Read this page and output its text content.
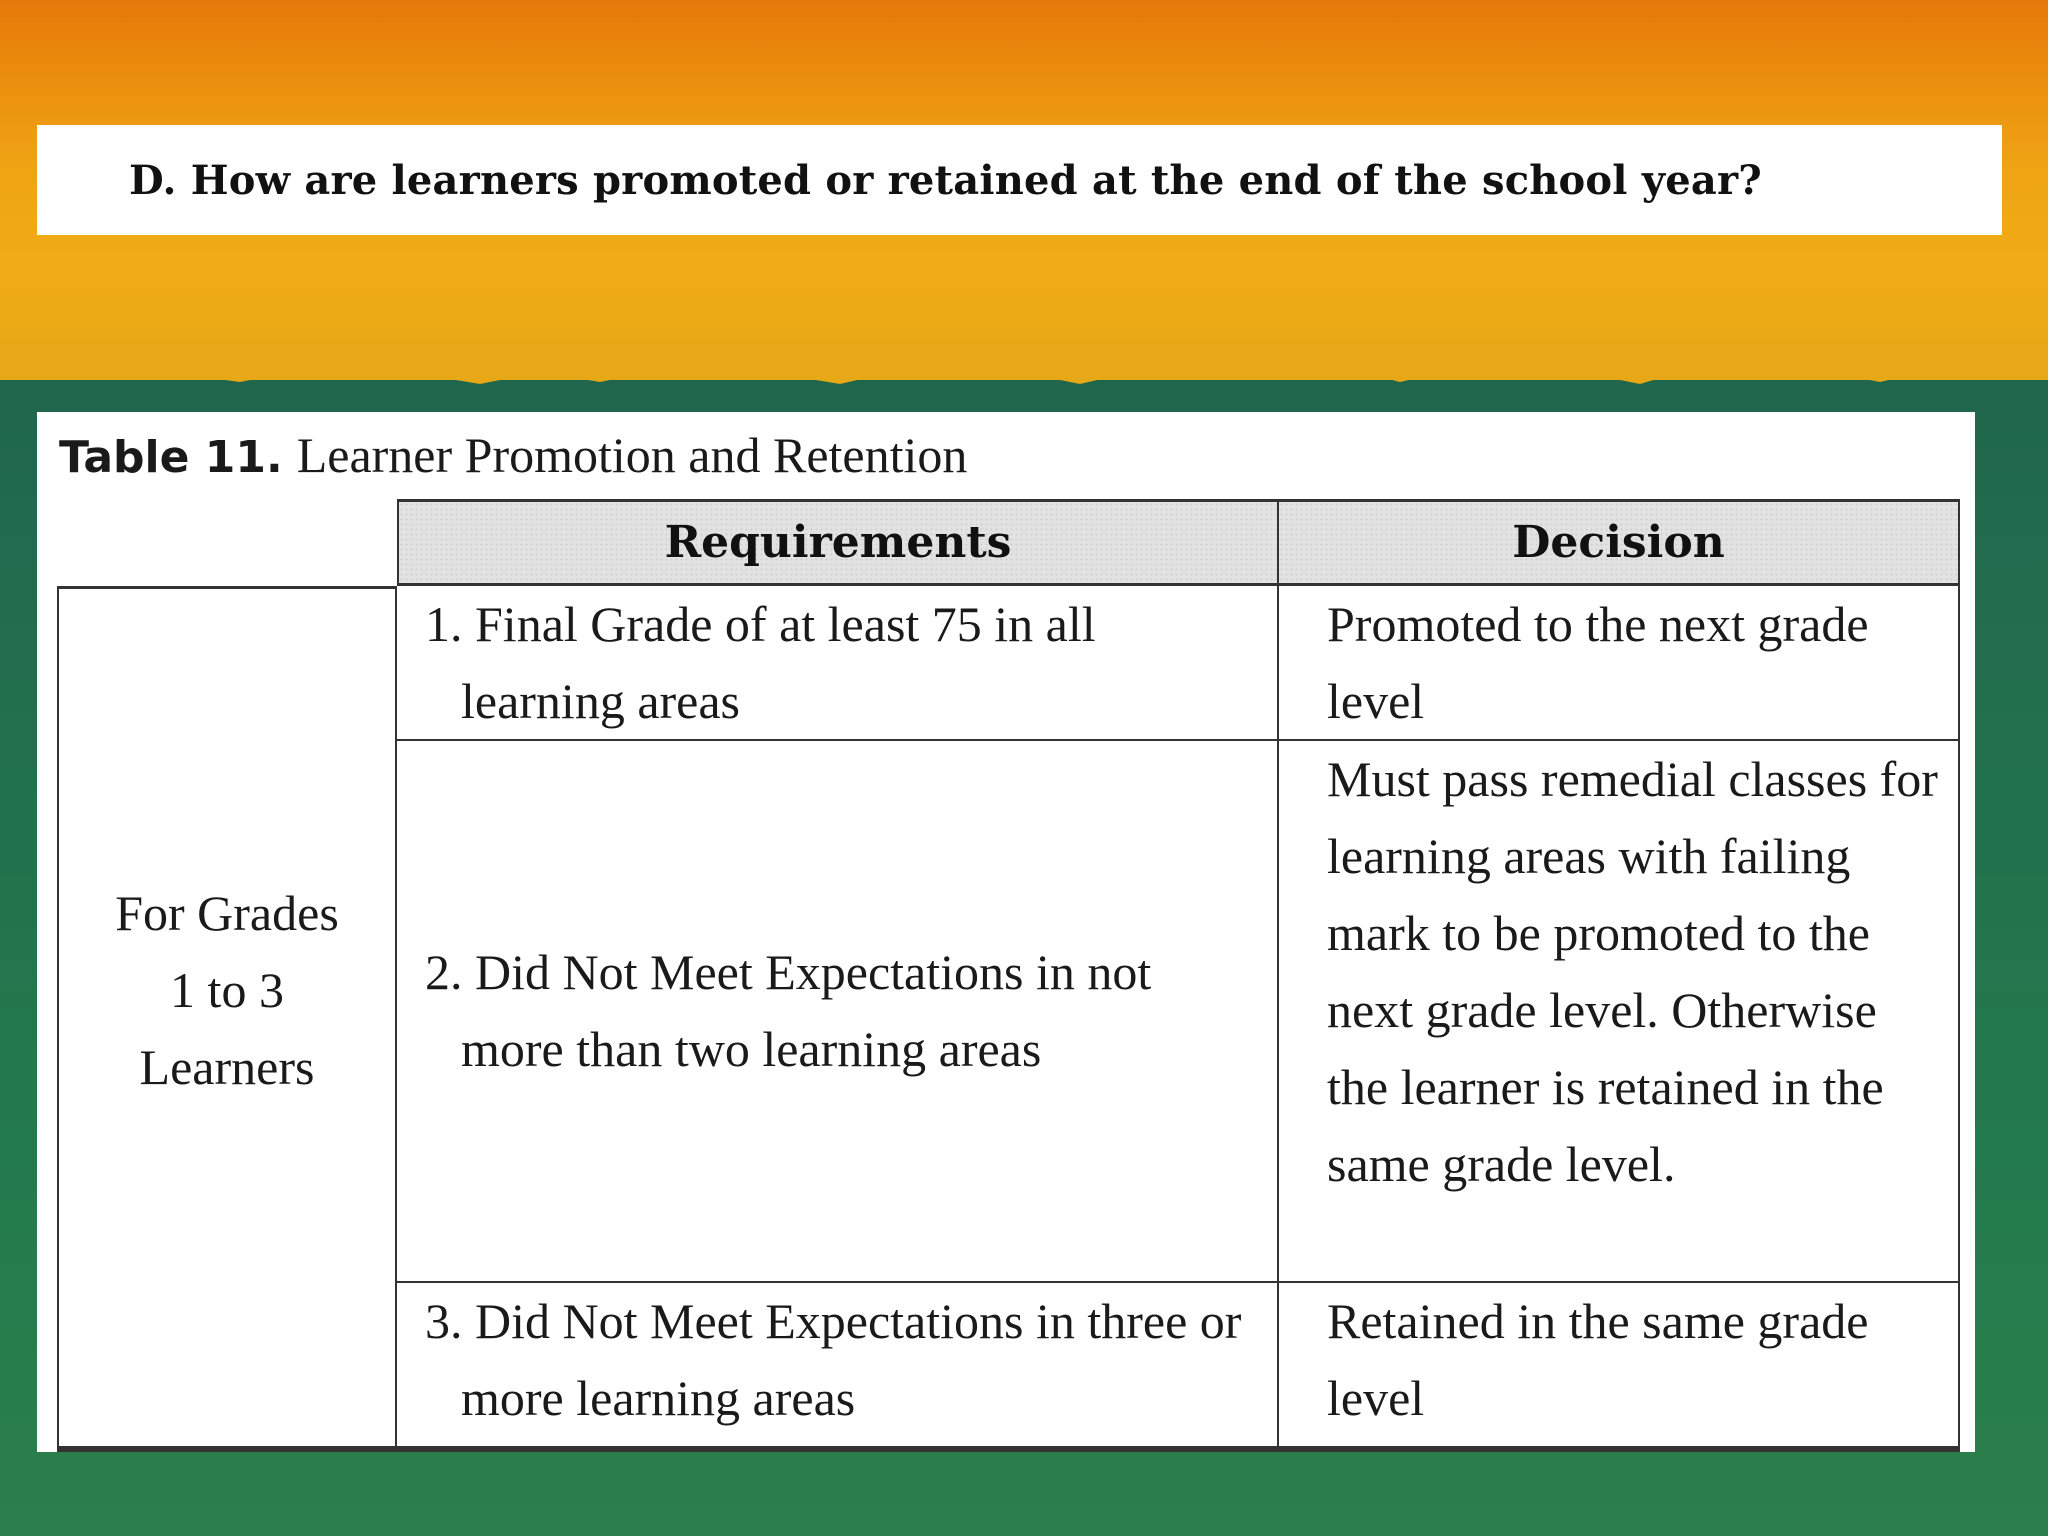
D. How are learners promoted or retained at the end of the school year?
Table 11. Learner Promotion and Retention
Requirements	Decision
For Grades 1 to 3 Learners
1. Final Grade of at least 75 in all learning areas
Promoted to the next grade level
2. Did Not Meet Expectations in not more than two learning areas
Must pass remedial classes for learning areas with failing mark to be promoted to the next grade level. Otherwise the learner is retained in the same grade level.
3. Did Not Meet Expectations in three or more learning areas
Retained in the same grade level
